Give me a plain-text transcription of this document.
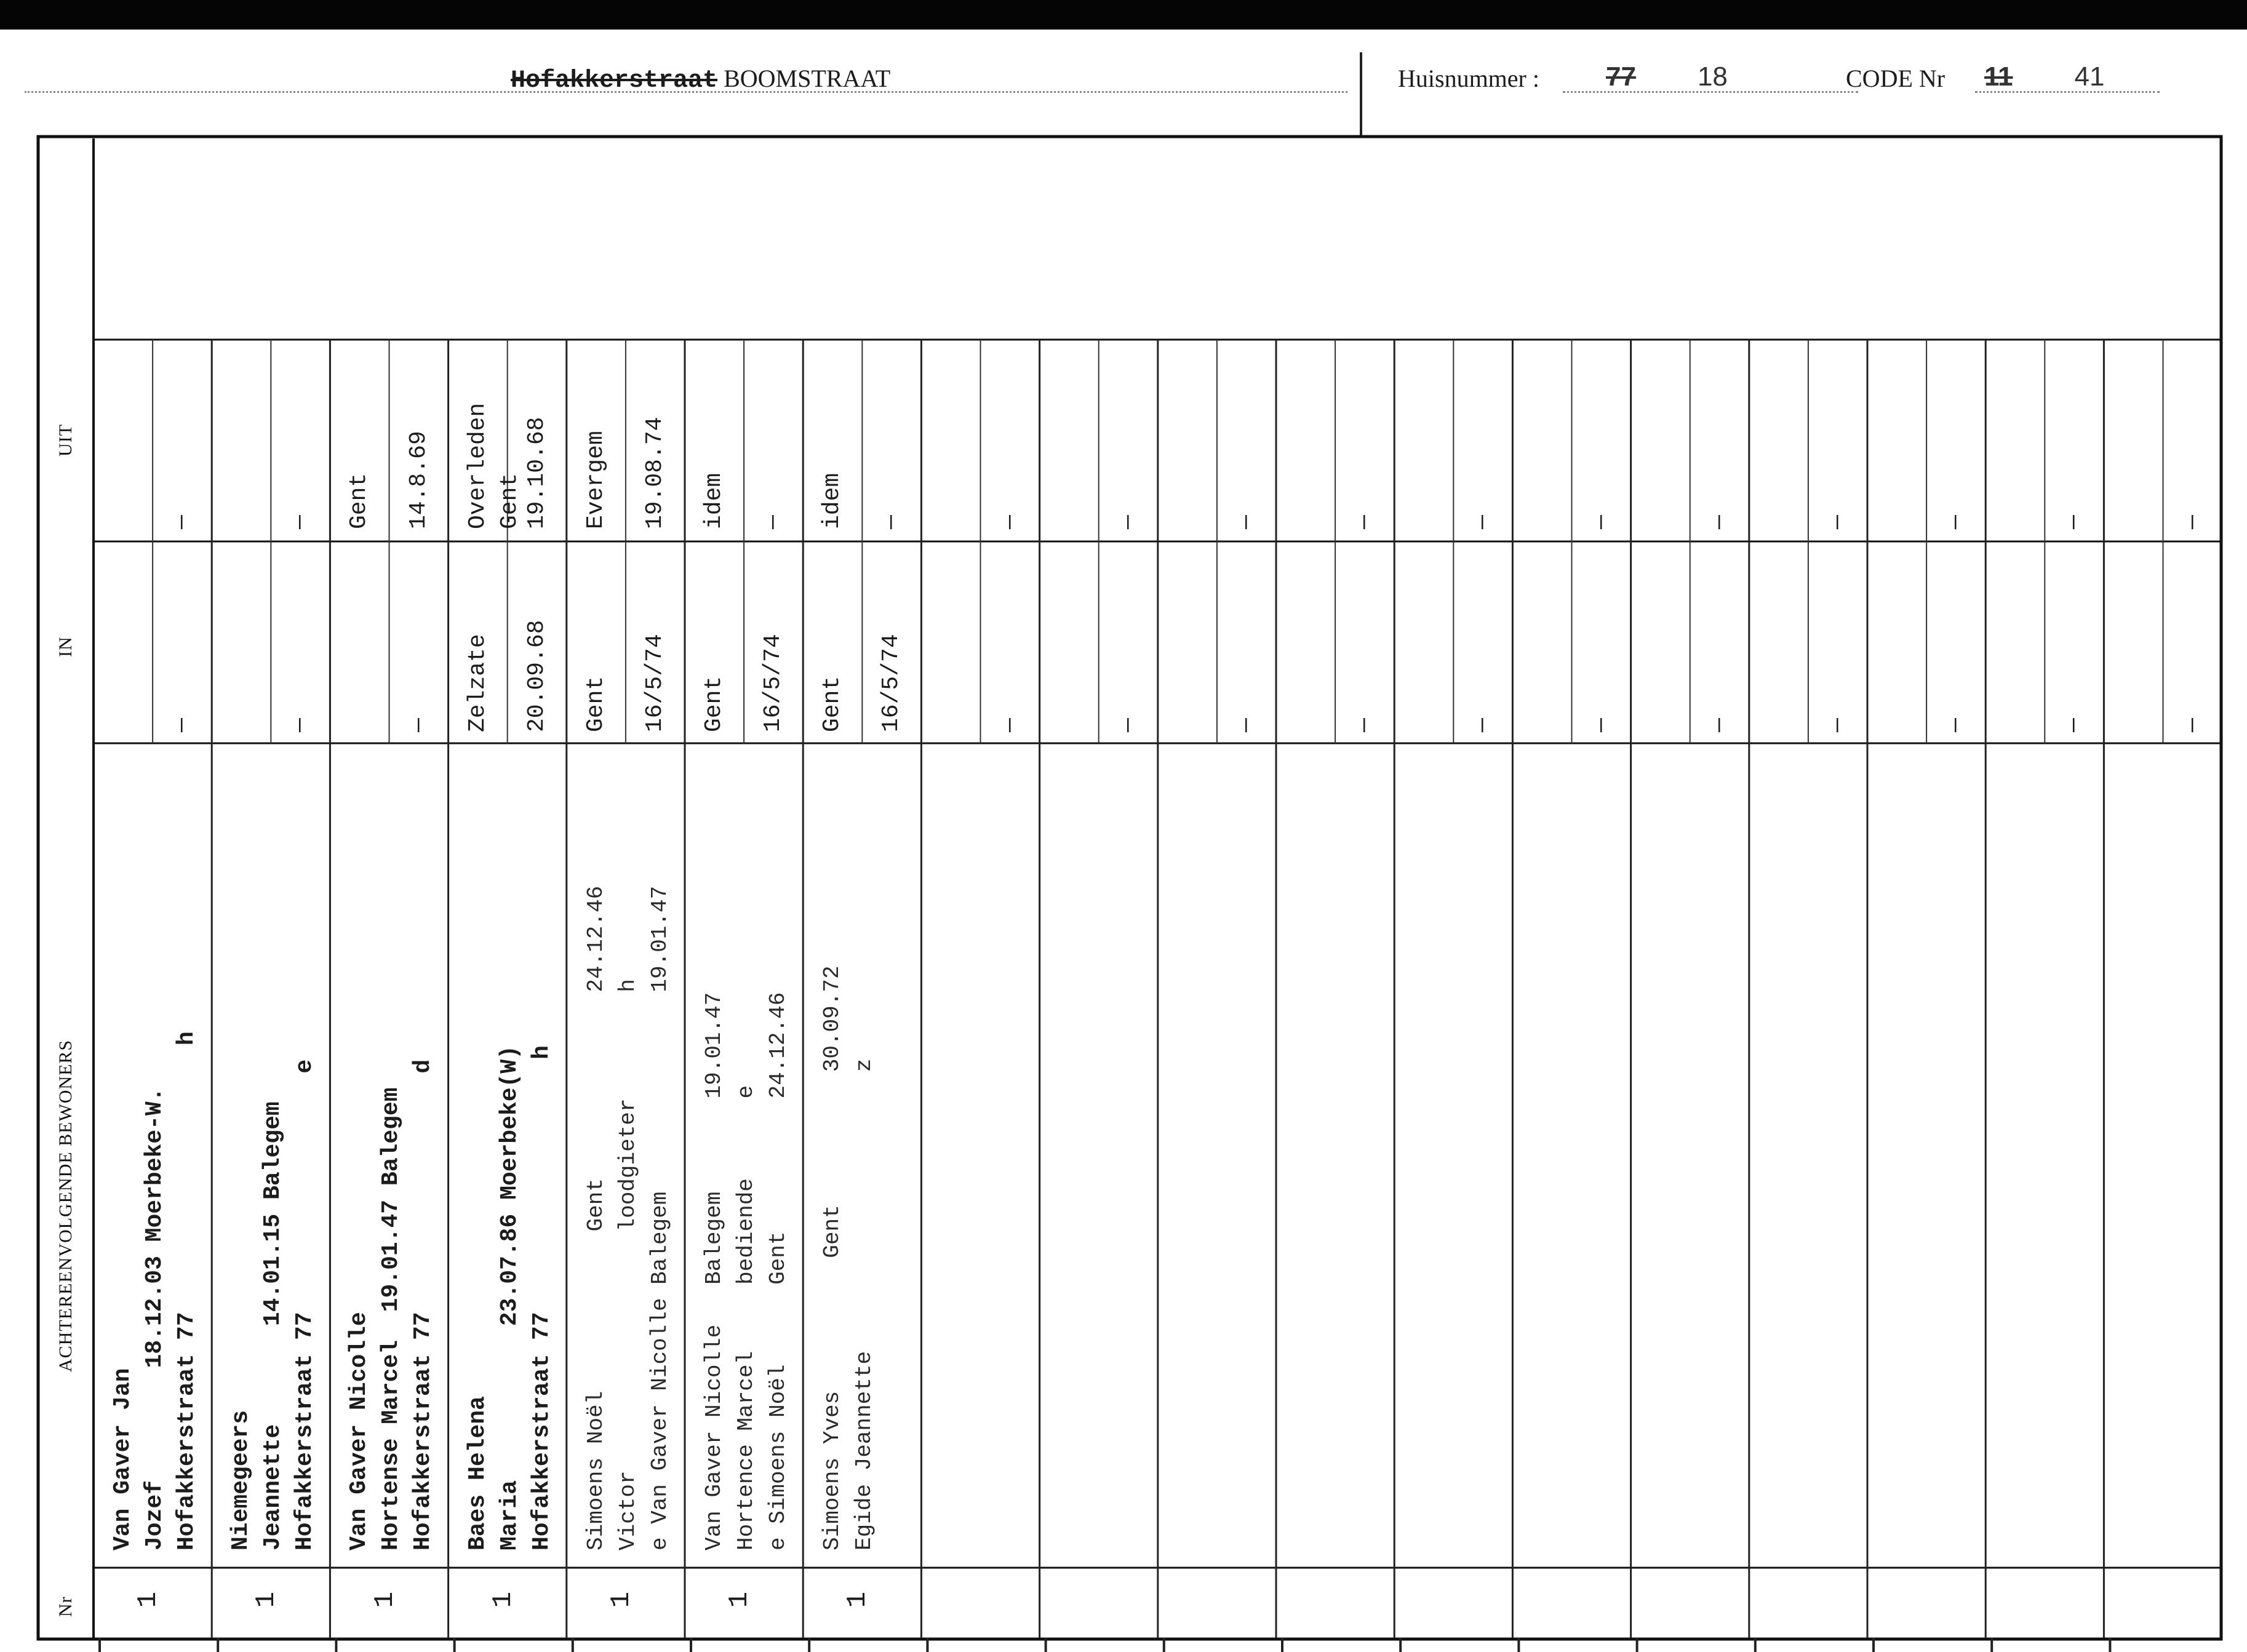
Hofakkerstraat BOOMSTRAAT	Huisnummer : 77 18	CODE Nr 11 41
UIT
IN
ACHTEREENVOLGENDE BEWONERS
Nr
—
—
Van Gaver Jan Jozef        18.12.03 Moerbeke-W. Hofakkerstraat 77                   h
1
—
—
Niemegeers Jeannette       14.01.15 Balegem Hofakkerstraat 77                 e
1
Gent 14.8.69
—
Van Gaver Nicolle Hortense Marcel  19.01.47 Balegem Hofakkerstraat 77                 d
1
Overleden
Gent 19.10.68
Zelzate 20.09.68
Baes Helena Maria           23.07.86 Moerbeke(W) Hofakkerstraat 77                  h
1
Evergem 19.08.74
Gent 16/5/74
Simoens Noël            Gent              24.12.46 Victor                  loodgieter        h e Van Gaver Nicolle Balegem               19.01.47
1
idem —
Gent 16/5/74
Van Gaver Nicolle   Balegem       19.01.47 Hortence Marcel     bediende      e e Simoens Noël      Gent          24.12.46
1
idem —
Gent 16/5/74
Simoens Yves          Gent          30.09.72 Egide Jeannette                     z
1
—
—
—
—
—
—
—
—
—
—
—
—
—
—
—
—
—
—
—
—
—
—
